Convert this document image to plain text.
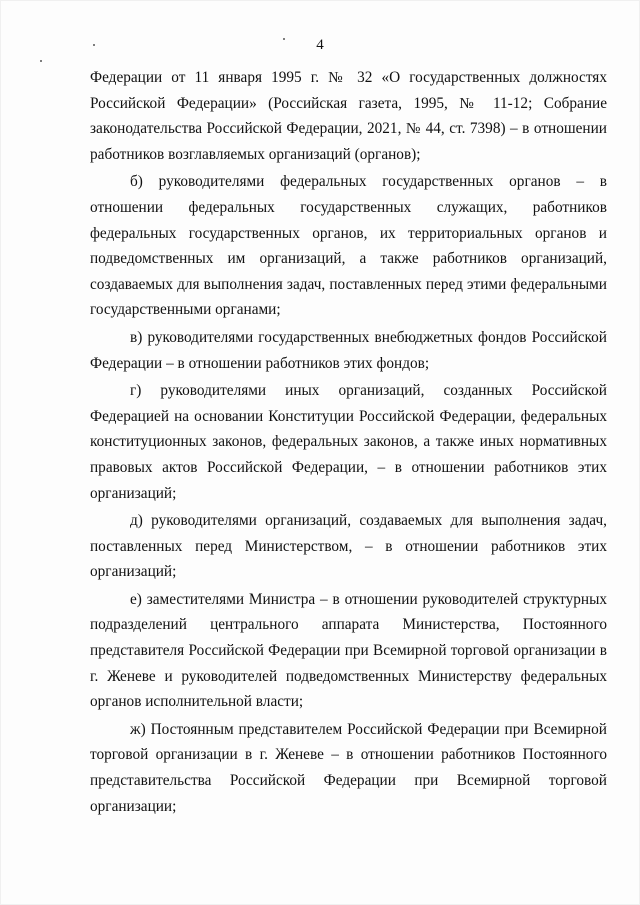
4

Федерации от 11 января 1995 г. № 32 «О государственных должностях Российской Федерации» (Российская газета, 1995, № 11-12; Собрание законодательства Российской Федерации, 2021, № 44, ст. 7398) – в отношении работников возглавляемых организаций (органов);

б) руководителями федеральных государственных органов – в отношении федеральных государственных служащих, работников федеральных государственных органов, их территориальных органов и подведомственных им организаций, а также работников организаций, создаваемых для выполнения задач, поставленных перед этими федеральными государственными органами;

в) руководителями государственных внебюджетных фондов Российской Федерации – в отношении работников этих фондов;

г) руководителями иных организаций, созданных Российской Федерацией на основании Конституции Российской Федерации, федеральных конституционных законов, федеральных законов, а также иных нормативных правовых актов Российской Федерации, – в отношении работников этих организаций;

д) руководителями организаций, создаваемых для выполнения задач, поставленных перед Министерством, – в отношении работников этих организаций;

е) заместителями Министра – в отношении руководителей структурных подразделений центрального аппарата Министерства, Постоянного представителя Российской Федерации при Всемирной торговой организации в г. Женеве и руководителей подведомственных Министерству федеральных органов исполнительной власти;

ж) Постоянным представителем Российской Федерации при Всемирной торговой организации в г. Женеве – в отношении работников Постоянного представительства Российской Федерации при Всемирной торговой организации;
